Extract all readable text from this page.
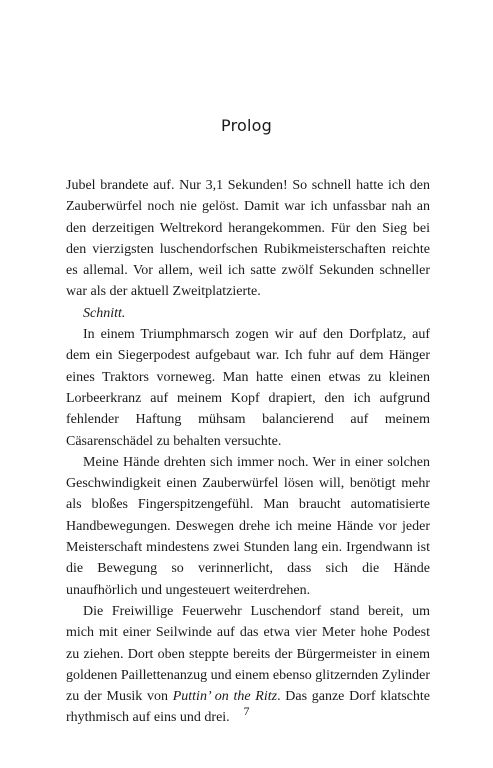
Prolog

Jubel brandete auf. Nur 3,1 Sekunden! So schnell hatte ich den Zauberwürfel noch nie gelöst. Damit war ich unfassbar nah an den derzeitigen Weltrekord herangekommen. Für den Sieg bei den vierzigsten luschendorfschen Rubikmeisterschaften reichte es allemal. Vor allem, weil ich satte zwölf Sekunden schneller war als der aktuell Zweitplatzierte.

Schnitt.

In einem Triumphmarsch zogen wir auf den Dorfplatz, auf dem ein Siegerpodest aufgebaut war. Ich fuhr auf dem Hänger eines Traktors vorneweg. Man hatte einen etwas zu kleinen Lorbeerkranz auf meinem Kopf drapiert, den ich aufgrund fehlender Haftung mühsam balancierend auf meinem Cäsarenschädel zu behalten versuchte.

Meine Hände drehten sich immer noch. Wer in einer solchen Geschwindigkeit einen Zauberwürfel lösen will, benötigt mehr als bloßes Fingerspitzengefühl. Man braucht automatisierte Handbewegungen. Deswegen drehe ich meine Hände vor jeder Meisterschaft mindestens zwei Stunden lang ein. Irgendwann ist die Bewegung so verinnerlicht, dass sich die Hände unaufhörlich und ungesteuert weiterdrehen.

Die Freiwillige Feuerwehr Luschendorf stand bereit, um mich mit einer Seilwinde auf das etwa vier Meter hohe Podest zu ziehen. Dort oben steppte bereits der Bürgermeister in einem goldenen Paillettenanzug und einem ebenso glitzernden Zylinder zu der Musik von Puttin’ on the Ritz. Das ganze Dorf klatschte rhythmisch auf eins und drei.	7
